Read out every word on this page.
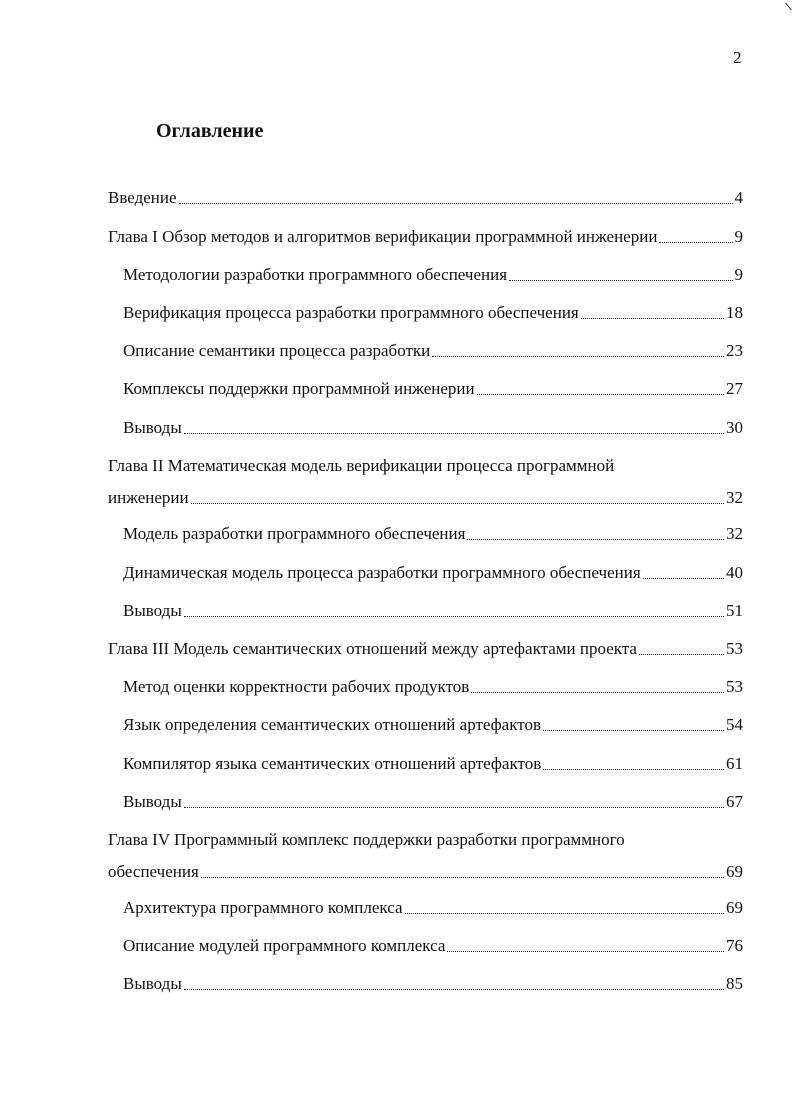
2
Оглавление
Введение	4
Глава I Обзор методов и алгоритмов верификации программной инженерии	9
Методологии разработки программного обеспечения	9
Верификация процесса разработки программного обеспечения	18
Описание семантики процесса разработки	23
Комплексы поддержки программной инженерии	27
Выводы	30
Глава II Математическая модель верификации процесса программной
инженерии	32
Модель разработки программного обеспечения	32
Динамическая модель процесса разработки программного обеспечения	40
Выводы	51
Глава III Модель семантических отношений между артефактами проекта	53
Метод оценки корректности рабочих продуктов	53
Язык определения семантических отношений артефактов	54
Компилятор языка семантических отношений артефактов	61
Выводы	67
Глава IV Программный комплекс поддержки разработки программного
обеспечения	69
Архитектура программного комплекса	69
Описание модулей программного комплекса	76
Выводы	85
